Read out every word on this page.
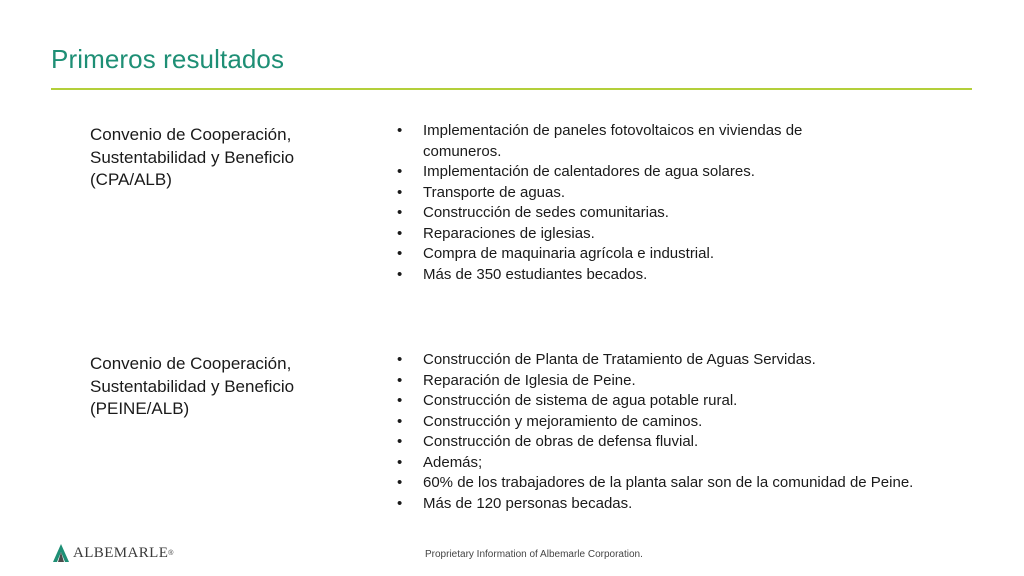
Primeros resultados
Convenio de Cooperación,
Sustentabilidad y Beneficio
(CPA/ALB)
• Implementación de paneles fotovoltaicos en viviendas de comuneros.
• Implementación de calentadores de agua solares.
• Transporte de aguas.
• Construcción de sedes comunitarias.
• Reparaciones de iglesias.
• Compra de maquinaria agrícola e industrial.
• Más de 350 estudiantes becados.
Convenio de Cooperación,
Sustentabilidad y Beneficio
(PEINE/ALB)
• Construcción de Planta de Tratamiento de Aguas Servidas.
• Reparación de Iglesia de Peine.
• Construcción de sistema de agua potable rural.
• Construcción y mejoramiento de caminos.
• Construcción de obras de defensa fluvial.
• Además;
• 60% de los trabajadores de la planta salar son de la comunidad de Peine.
• Más de 120 personas becadas.
ALBEMARLE ®	Proprietary Information of Albemarle Corporation.
